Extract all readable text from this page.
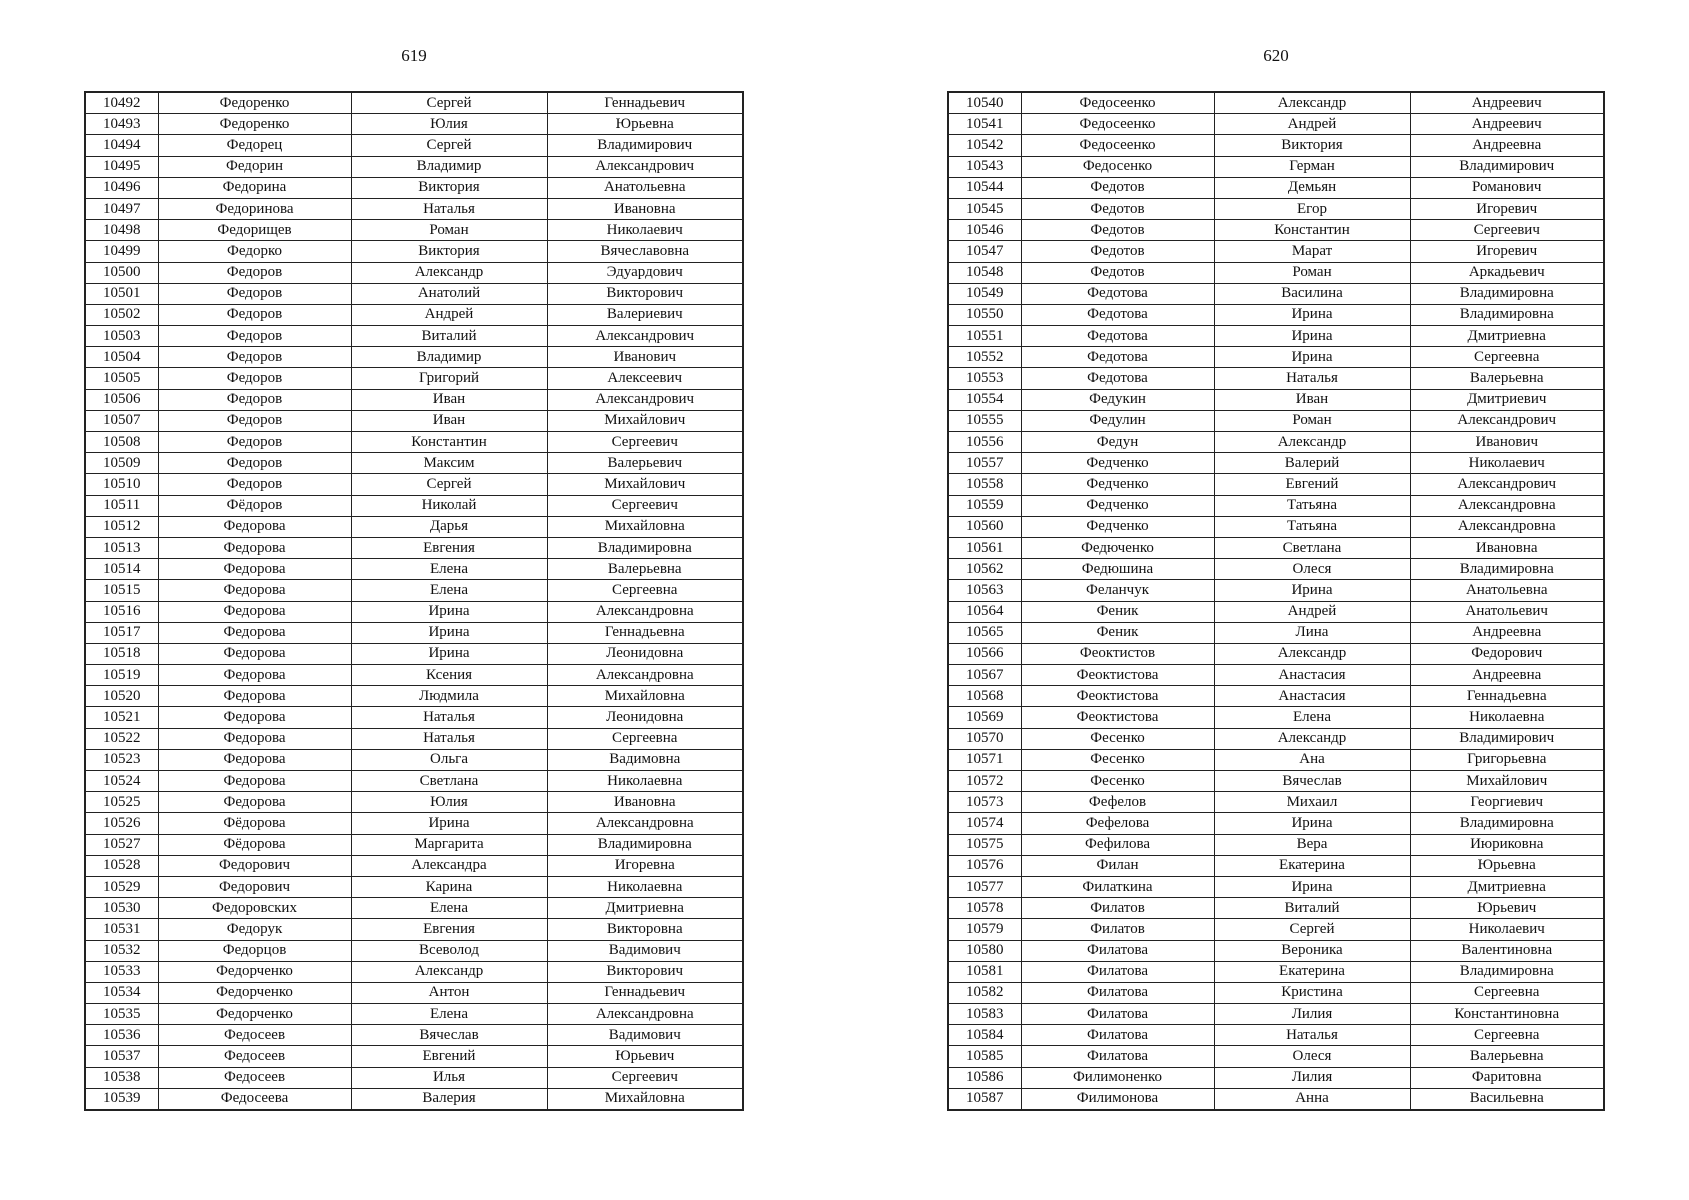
619
10492	Федоренко	Сергей	Геннадьевич
10493	Федоренко	Юлия	Юрьевна
10494	Федорец	Сергей	Владимирович
10495	Федорин	Владимир	Александрович
10496	Федорина	Виктория	Анатольевна
10497	Федоринова	Наталья	Ивановна
10498	Федорищев	Роман	Николаевич
10499	Федорко	Виктория	Вячеславовна
10500	Федоров	Александр	Эдуардович
10501	Федоров	Анатолий	Викторович
10502	Федоров	Андрей	Валериевич
10503	Федоров	Виталий	Александрович
10504	Федоров	Владимир	Иванович
10505	Федоров	Григорий	Алексеевич
10506	Федоров	Иван	Александрович
10507	Федоров	Иван	Михайлович
10508	Федоров	Константин	Сергеевич
10509	Федоров	Максим	Валерьевич
10510	Федоров	Сергей	Михайлович
10511	Фёдоров	Николай	Сергеевич
10512	Федорова	Дарья	Михайловна
10513	Федорова	Евгения	Владимировна
10514	Федорова	Елена	Валерьевна
10515	Федорова	Елена	Сергеевна
10516	Федорова	Ирина	Александровна
10517	Федорова	Ирина	Геннадьевна
10518	Федорова	Ирина	Леонидовна
10519	Федорова	Ксения	Александровна
10520	Федорова	Людмила	Михайловна
10521	Федорова	Наталья	Леонидовна
10522	Федорова	Наталья	Сергеевна
10523	Федорова	Ольга	Вадимовна
10524	Федорова	Светлана	Николаевна
10525	Федорова	Юлия	Ивановна
10526	Фёдорова	Ирина	Александровна
10527	Фёдорова	Маргарита	Владимировна
10528	Федорович	Александра	Игоревна
10529	Федорович	Карина	Николаевна
10530	Федоровских	Елена	Дмитриевна
10531	Федорук	Евгения	Викторовна
10532	Федорцов	Всеволод	Вадимович
10533	Федорченко	Александр	Викторович
10534	Федорченко	Антон	Геннадьевич
10535	Федорченко	Елена	Александровна
10536	Федосеев	Вячеслав	Вадимович
10537	Федосеев	Евгений	Юрьевич
10538	Федосеев	Илья	Сергеевич
10539	Федосеева	Валерия	Михайловна
620
10540	Федосеенко	Александр	Андреевич
10541	Федосеенко	Андрей	Андреевич
10542	Федосеенко	Виктория	Андреевна
10543	Федосенко	Герман	Владимирович
10544	Федотов	Демьян	Романович
10545	Федотов	Егор	Игоревич
10546	Федотов	Константин	Сергеевич
10547	Федотов	Марат	Игоревич
10548	Федотов	Роман	Аркадьевич
10549	Федотова	Василина	Владимировна
10550	Федотова	Ирина	Владимировна
10551	Федотова	Ирина	Дмитриевна
10552	Федотова	Ирина	Сергеевна
10553	Федотова	Наталья	Валерьевна
10554	Федукин	Иван	Дмитриевич
10555	Федулин	Роман	Александрович
10556	Федун	Александр	Иванович
10557	Федченко	Валерий	Николаевич
10558	Федченко	Евгений	Александрович
10559	Федченко	Татьяна	Александровна
10560	Федченко	Татьяна	Александровна
10561	Федюченко	Светлана	Ивановна
10562	Федюшина	Олеся	Владимировна
10563	Феланчук	Ирина	Анатольевна
10564	Феник	Андрей	Анатольевич
10565	Феник	Лина	Андреевна
10566	Феоктистов	Александр	Федорович
10567	Феоктистова	Анастасия	Андреевна
10568	Феоктистова	Анастасия	Геннадьевна
10569	Феоктистова	Елена	Николаевна
10570	Фесенко	Александр	Владимирович
10571	Фесенко	Ана	Григорьевна
10572	Фесенко	Вячеслав	Михайлович
10573	Фефелов	Михаил	Георгиевич
10574	Фефелова	Ирина	Владимировна
10575	Фефилова	Вера	Июриковна
10576	Филан	Екатерина	Юрьевна
10577	Филаткина	Ирина	Дмитриевна
10578	Филатов	Виталий	Юрьевич
10579	Филатов	Сергей	Николаевич
10580	Филатова	Вероника	Валентиновна
10581	Филатова	Екатерина	Владимировна
10582	Филатова	Кристина	Сергеевна
10583	Филатова	Лилия	Константиновна
10584	Филатова	Наталья	Сергеевна
10585	Филатова	Олеся	Валерьевна
10586	Филимоненко	Лилия	Фаритовна
10587	Филимонова	Анна	Васильевна
